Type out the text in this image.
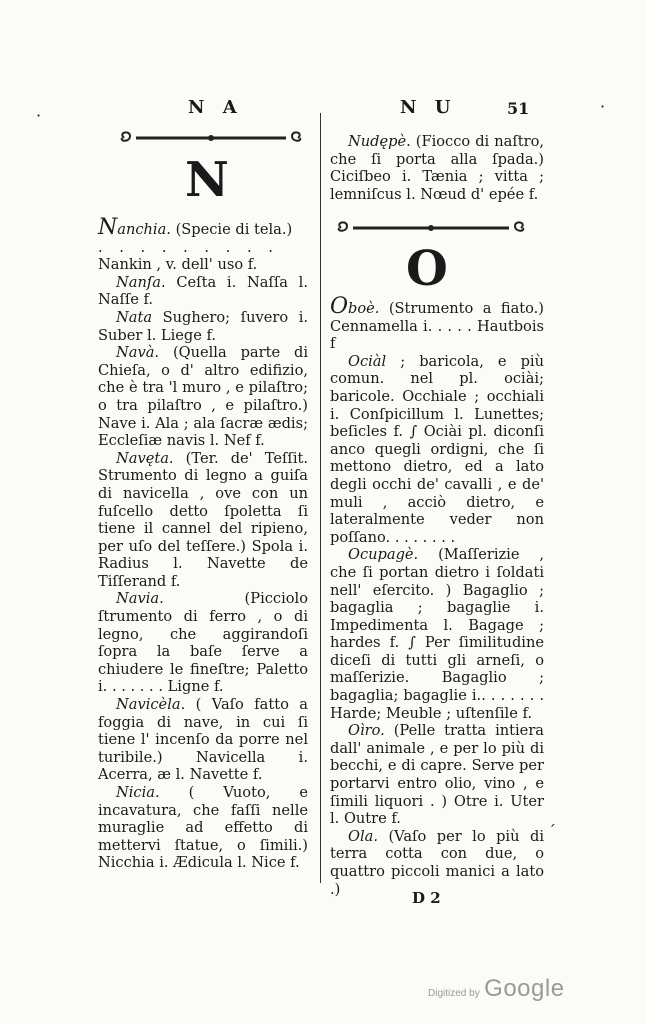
·	·
ˊ
N A	N U	51
N
O

Nanchia. (Specie di tela.)

. . . . . . . . .

Nankin , v. dell' uso f.

Nanſa. Ceſta i. Naſſa l. Naſſe f.

Nata Sughero; ſuvero i. Suber l. Liege f.

Navà. (Quella parte di Chieſa, o d' altro edifizio, che è tra 'l muro , e pilaſtro; o tra pilaſtro , e pilaſtro.) Nave i. Ala ; ala ſacræ ædis; Eccleſiæ navis l. Nef f.

Navęta. (Ter. de' Teſſit. Strumento di legno a guiſa di navicella , ove con un fuſcello detto ſpoletta ſi tiene il cannel del ripieno, per uſo del teſſere.) Spola i. Radius l. Navette de Tiſſerand f.

Navia. (Picciolo ſtrumento di ferro , o di legno, che aggirandoſi ſopra la baſe ſerve a chiudere le fineſtre; Paletto i. . . . . . . Ligne f.

Navicèla. ( Vaſo fatto a foggia di nave, in cui ſi tiene l' incenſo da porre nel turibile.) Navicella i. Acerra, æ l. Navette f.

Nicia. ( Vuoto, e incavatura, che faſſi nelle muraglie ad effetto di mettervi ſtatue, o ſimili.) Nicchia i. Ædicula l. Nice f.

Nudępè. (Fiocco di naſtro, che ſi porta alla ſpada.) Ciciſbeo i. Tænia ; vitta ; lemniſcus l. Nœud d' epée f.

Oboè. (Strumento a fiato.) Cennamella i. . . . . Hautbois f

Ociàl ; baricola, e più comun. nel pl. ociài; baricole. Occhiale ; occhiali i. Conſpicillum l. Lunettes; beſicles f. ∫ Ociài pl. diconſi anco quegli ordigni, che ſi mettono dietro, ed a lato degli occhi de' cavalli , e de' muli , acciò dietro, e lateralmente veder non poſſano. . . . . . . .

Ocupagè. (Maſſerizie , che ſi portan dietro i ſoldati nell' eſercito. ) Bagaglio ; bagaglia ; bagaglie i. Impedimenta l. Bagage ; hardes f. ∫ Per ſimilitudine diceſi di tutti gli arneſi, o maſſerizie. Bagaglio ; bagaglia; bagaglie i.. . . . . . . Harde; Meuble ; uſtenſile f.

Oìro. (Pelle tratta intiera dall' animale , e per lo più di becchi, e di capre. Serve per portarvi entro olio, vino , e ſimili liquori . ) Otre i. Uter l. Outre f.

Ola. (Vaſo per lo più di terra cotta con due, o quattro piccoli manici a lato .)	D 2
Digitized by Google
